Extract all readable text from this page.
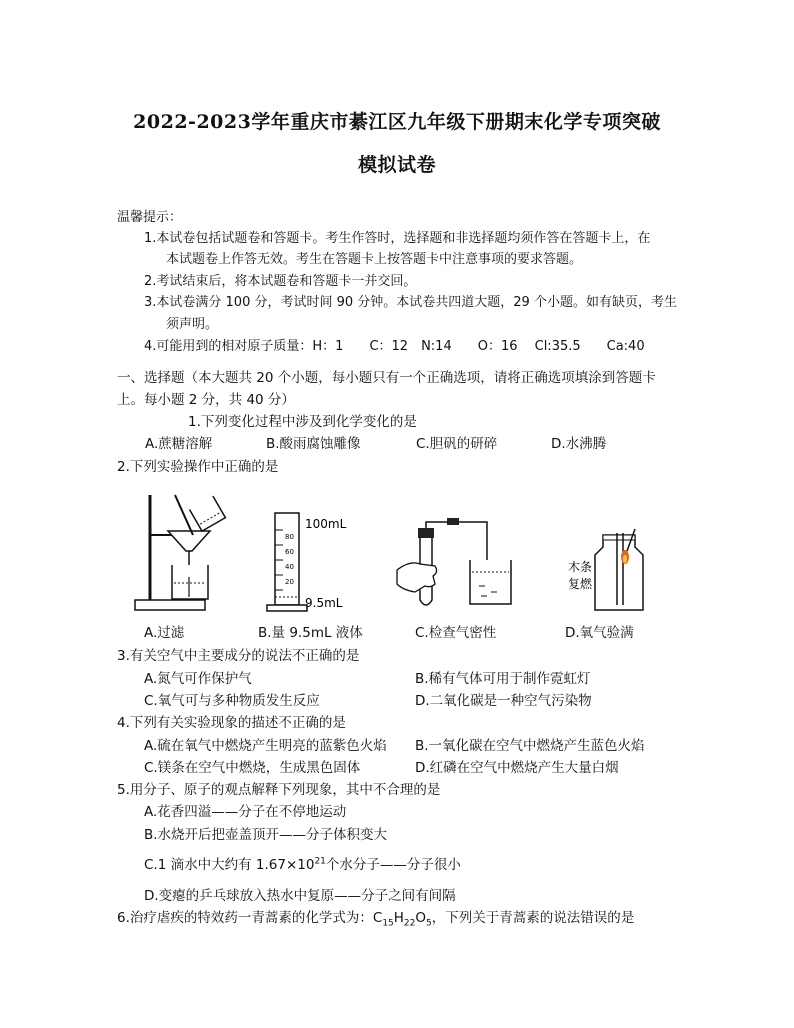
2022-2023学年重庆市綦江区九年级下册期末化学专项突破
模拟试卷
温馨提示：
1.本试卷包括试题卷和答题卡。考生作答时，选择题和非选择题均须作答在答题卡上，在
本试题卷上作答无效。考生在答题卡上按答题卡中注意事项的要求答题。
2.考试结束后，将本试题卷和答题卡一并交回。
3.本试卷满分 100 分，考试时间 90 分钟。本试卷共四道大题，29 个小题。如有缺页，考生
须声明。
4.可能用到的相对原子质量：H：1　　C：12　N:14　　O：16　 Cl:35.5　　Ca:40
一、选择题（本大题共 20 个小题，每小题只有一个正确选项，请将正确选项填涂到答题卡
上。每小题 2 分，共 40 分）
1.下列变化过程中涉及到化学变化的是
A.蔗糖溶解	B.酸雨腐蚀雕像	C.胆矾的研碎	D.水沸腾
2.下列实验操作中正确的是
80
60
40
20
100mL
9.5mL
木条
复燃
A.过滤	B.量 9.5mL 液体	C.检查气密性	D.氧气验满
3.有关空气中主要成分的说法不正确的是
A.氮气可作保护气	B.稀有气体可用于制作霓虹灯
C.氧气可与多种物质发生反应	D.二氧化碳是一种空气污染物
4.下列有关实验现象的描述不正确的是
A.硫在氧气中燃烧产生明亮的蓝紫色火焰 B.一氧化碳在空气中燃烧产生蓝色火焰
C.镁条在空气中燃烧，生成黑色固体	D.红磷在空气中燃烧产生大量白烟
5.用分子、原子的观点解释下列现象，其中不合理的是
A.花香四溢——分子在不停地运动
B.水烧开后把壶盖顶开——分子体积变大
C.1 滴水中大约有 $1.67\times 10^{21}$个水分子——分子很小
D.变瘪的乒乓球放入热水中复原——分子之间有间隔
6.治疗虐疾的特效药一青蒿素的化学式为：$C_{15}H_{22}O_5$，下列关于青蒿素的说法错误的是
